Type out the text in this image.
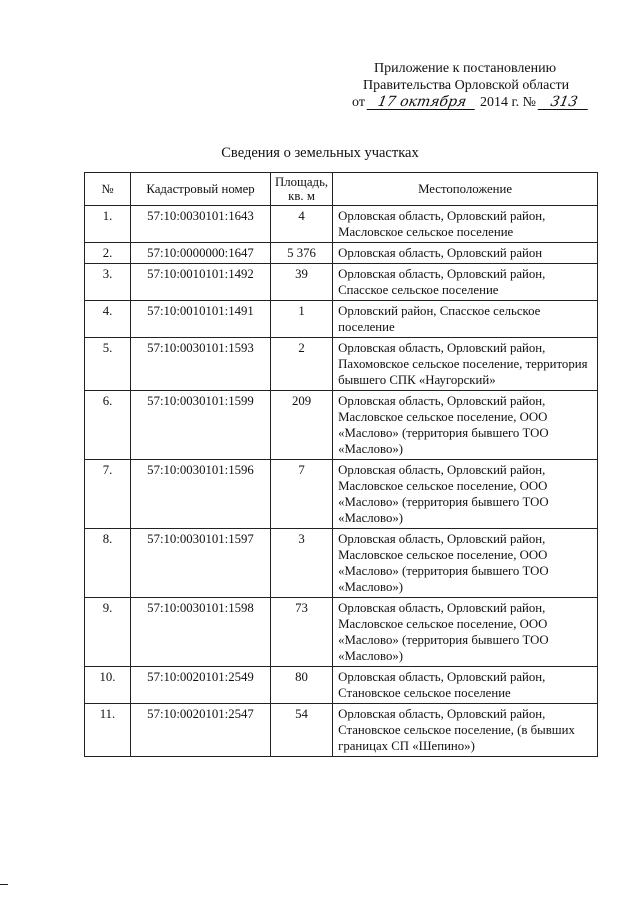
Приложение к постановлению
Правительства Орловской области
от 17 октября 2014 г. № 313
Сведения о земельных участках
№	Кадастровый номер	Площадь, кв. м	Местоположение
1.	57:10:0030101:1643	4	Орловская область, Орловский район, Масловское сельское поселение
2.	57:10:0000000:1647	5 376	Орловская область, Орловский район
3.	57:10:0010101:1492	39	Орловская область, Орловский район, Спасское сельское поселение
4.	57:10:0010101:1491	1	Орловский район, Спасское сельское поселение
5.	57:10:0030101:1593	2	Орловская область, Орловский район, Пахомовское сельское поселение, территория бывшего СПК «Наугорский»
6.	57:10:0030101:1599	209	Орловская область, Орловский район, Масловское сельское поселение, ООО «Маслово» (территория бывшего ТОО «Маслово»)
7.	57:10:0030101:1596	7	Орловская область, Орловский район, Масловское сельское поселение, ООО «Маслово» (территория бывшего ТОО «Маслово»)
8.	57:10:0030101:1597	3	Орловская область, Орловский район, Масловское сельское поселение, ООО «Маслово» (территория бывшего ТОО «Маслово»)
9.	57:10:0030101:1598	73	Орловская область, Орловский район, Масловское сельское поселение, ООО «Маслово» (территория бывшего ТОО «Маслово»)
10.	57:10:0020101:2549	80	Орловская область, Орловский район, Становское сельское поселение
11.	57:10:0020101:2547	54	Орловская область, Орловский район, Становское сельское поселение, (в бывших границах СП «Шепино»)
